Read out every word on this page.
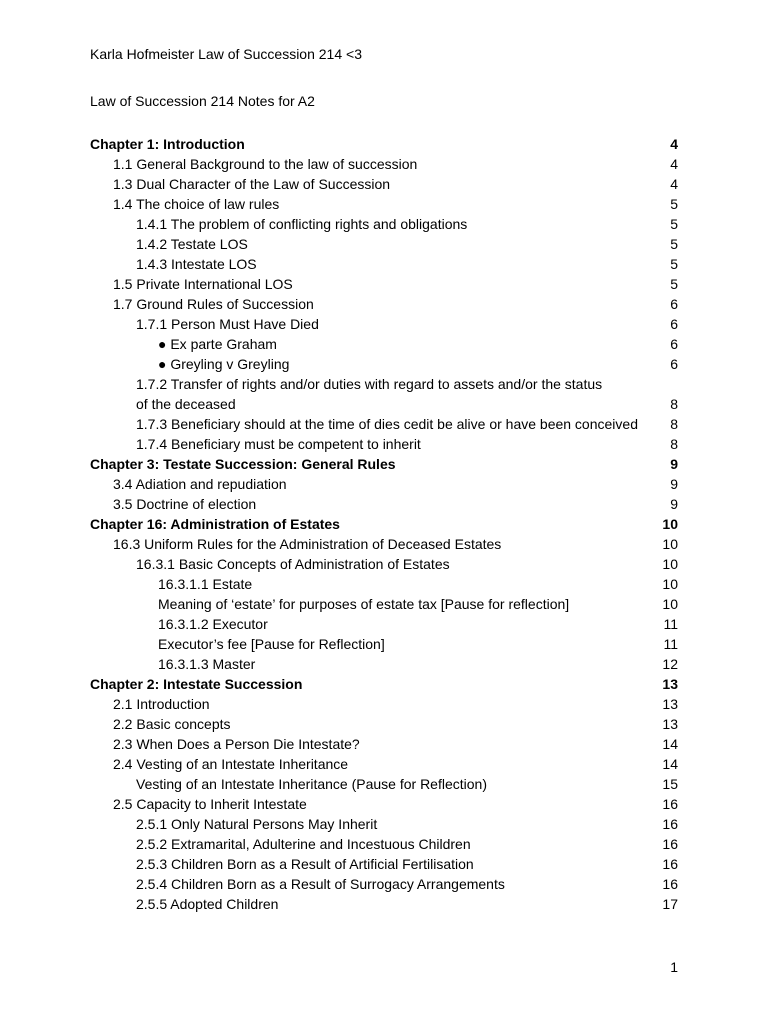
Karla Hofmeister Law of Succession 214 <3
Law of Succession 214 Notes for A2
Chapter 1: Introduction	4
1.1 General Background to the law of succession	4
1.3 Dual Character of the Law of Succession	4
1.4 The choice of law rules	5
1.4.1 The problem of conflicting rights and obligations	5
1.4.2 Testate LOS	5
1.4.3 Intestate LOS	5
1.5 Private International LOS	5
1.7 Ground Rules of Succession	6
1.7.1 Person Must Have Died	6
● Ex parte Graham	6
● Greyling v Greyling	6
1.7.2 Transfer of rights and/or duties with regard to assets and/or the status of the deceased	8
1.7.3 Beneficiary should at the time of dies cedit be alive or have been conceived	8
1.7.4 Beneficiary must be competent to inherit	8
Chapter 3: Testate Succession: General Rules	9
3.4 Adiation and repudiation	9
3.5 Doctrine of election	9
Chapter 16: Administration of Estates	10
16.3 Uniform Rules for the Administration of Deceased Estates	10
16.3.1 Basic Concepts of Administration of Estates	10
16.3.1.1 Estate	10
Meaning of ‘estate’ for purposes of estate tax [Pause for reflection]	10
16.3.1.2 Executor	11
Executor’s fee [Pause for Reflection]	11
16.3.1.3 Master	12
Chapter 2: Intestate Succession	13
2.1 Introduction	13
2.2 Basic concepts	13
2.3 When Does a Person Die Intestate?	14
2.4 Vesting of an Intestate Inheritance	14
Vesting of an Intestate Inheritance (Pause for Reflection)	15
2.5 Capacity to Inherit Intestate	16
2.5.1 Only Natural Persons May Inherit	16
2.5.2 Extramarital, Adulterine and Incestuous Children	16
2.5.3 Children Born as a Result of Artificial Fertilisation	16
2.5.4 Children Born as a Result of Surrogacy Arrangements	16
2.5.5 Adopted Children	17
1
